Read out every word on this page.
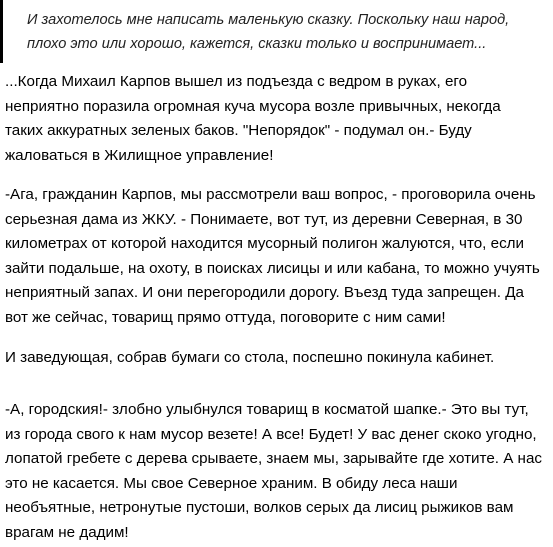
И захотелось мне написать маленькую сказку. Поскольку наш народ,
плохо это или хорошо, кажется, сказки только и воспринимает...

...Когда Михаил Карпов вышел из подъезда с ведром в руках, его
неприятно поразила огромная куча мусора возле привычных, некогда
таких аккуратных зеленых баков. "Непорядок" - подумал он.- Буду
жаловаться в Жилищное управление!

-Ага, гражданин Карпов, мы рассмотрели ваш вопрос, - проговорила очень
серьезная дама из ЖКУ. - Понимаете, вот тут, из деревни Северная, в 30
километрах от которой находится мусорный полигон жалуются, что, если
зайти подальше, на охоту, в поисках лисицы и или кабана, то можно учуять
неприятный запах. И они перегородили дорогу. Въезд туда запрещен. Да
вот же сейчас, товарищ прямо оттуда, поговорите с ним сами!

И заведующая, собрав бумаги со стола, поспешно покинула кабинет.

-А, городския!- злобно улыбнулся товарищ в косматой шапке.- Это вы тут,
из города свого к нам мусор везете! А все! Будет! У вас денег скоко угодно,
лопатой гребете с дерева срываете, знаем мы, зарывайте где хотите. А нас
это не касается. Мы свое Северное храним. В обиду леса наши
необъятные, нетронутые пустоши, волков серых да лисиц рыжиков вам
врагам не дадим!
